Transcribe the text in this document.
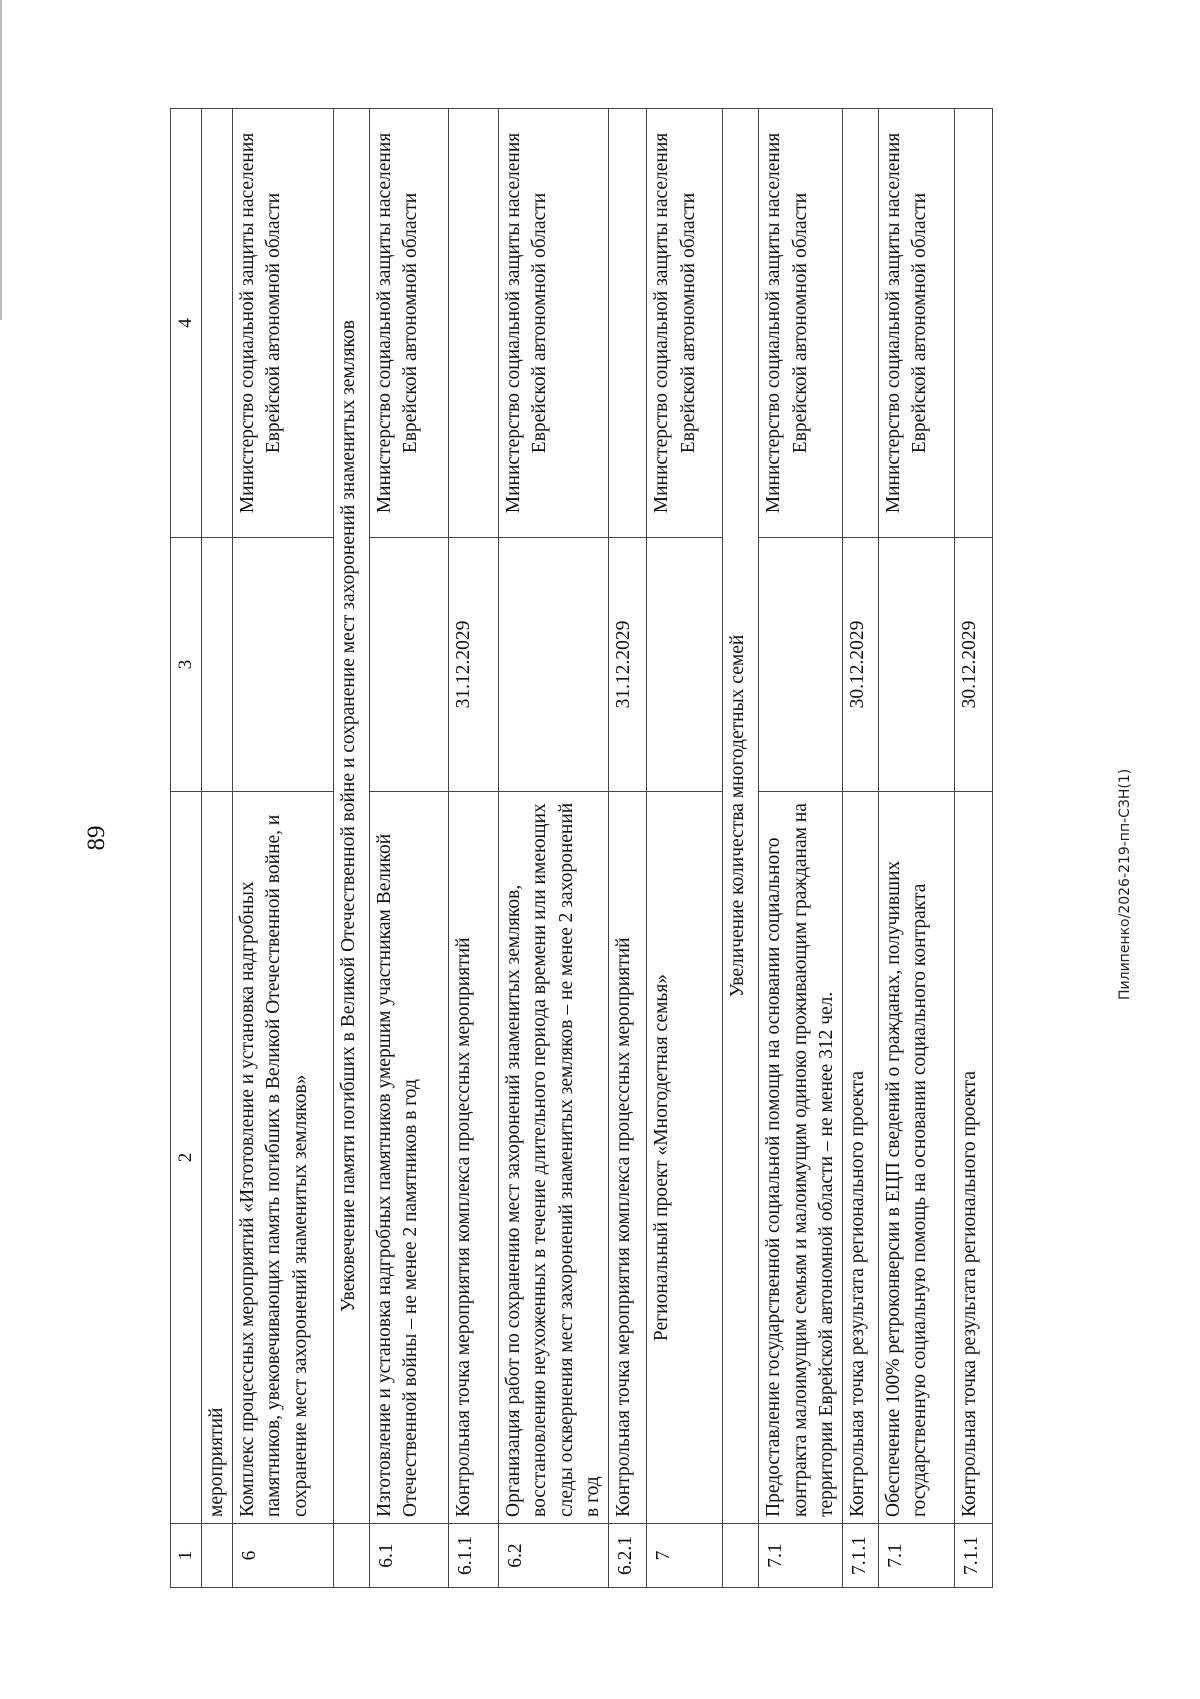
89	Пилипенко/2026-219-пп-СЗН(1)
1	2	3	4
	мероприятий		
6	Комплекс процессных мероприятий «Изготовление и установка надгробных памятников, увековечивающих память погибших в Великой Отечественной войне, и сохранение мест захоронений знаменитых земляков»		Министерство социальной защиты населения Еврейской автономной области
	Увековечение памяти погибших в Великой Отечественной войне и сохранение мест захоронений знаменитых земляков		
6.1	Изготовление и установка надгробных памятников умершим участникам Великой Отечественной войны – не менее 2 памятников в год		Министерство социальной защиты населения Еврейской автономной области
6.1.1	Контрольная точка мероприятия комплекса процессных мероприятий	31.12.2029	
6.2	Организация работ по сохранению мест захоронений знаменитых земляков, восстановлению неухоженных в течение длительного периода времени или имеющих следы осквернения мест захоронений знаменитых земляков – не менее 2 захоронений в год		Министерство социальной защиты населения Еврейской автономной области
6.2.1	Контрольная точка мероприятия комплекса процессных мероприятий	31.12.2029	
7	Региональный проект «Многодетная семья»		Министерство социальной защиты населения Еврейской автономной области
	Увеличение количества многодетных семей		
7.1	Предоставление государственной социальной помощи на основании социального контракта малоимущим семьям и малоимущим одиноко проживающим гражданам на территории Еврейской автономной области – не менее 312 чел.		Министерство социальной защиты населения Еврейской автономной области
7.1.1	Контрольная точка результата регионального проекта	30.12.2029	
7.1	Обеспечение 100% ретроконверсии в ЕЦП сведений о гражданах, получивших государственную социальную помощь на основании социального контракта		Министерство социальной защиты населения Еврейской автономной области
7.1.1	Контрольная точка результата регионального проекта	30.12.2029	
